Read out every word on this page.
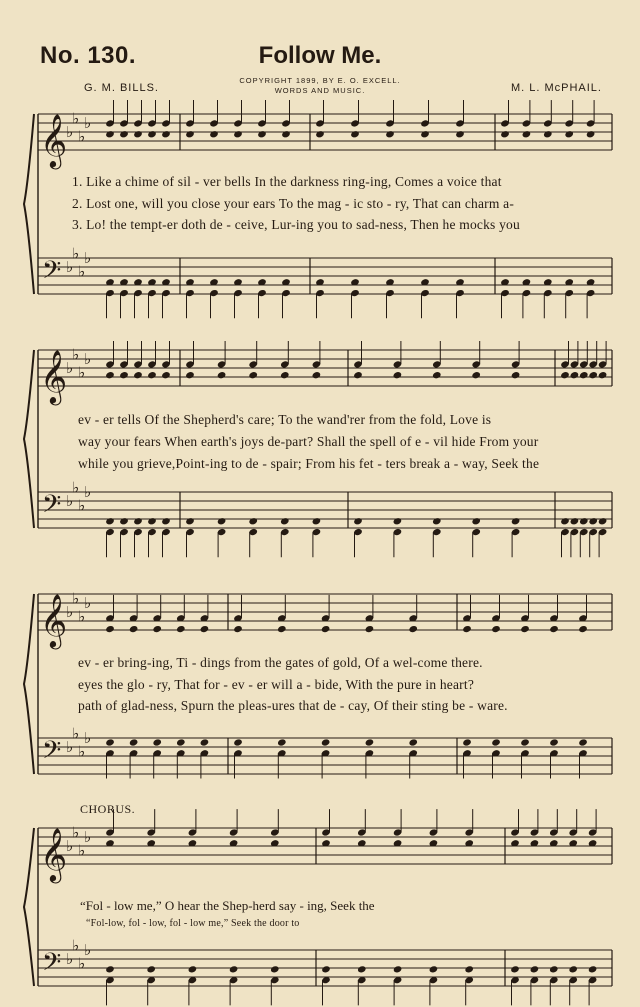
No. 130.	Follow Me.
COPYRIGHT 1899, BY E. O. EXCELL.
WORDS AND MUSIC.
G. M. BILLS.	M. L. McPHAIL.
𝄞
𝄢
♭
♭
♭
♭
♭
♭
♭
♭
𝄞
𝄢
♭
♭
♭
♭
♭
♭
♭
♭
𝄞
𝄢
♭
♭
♭
♭
♭
♭
♭
♭
𝄞
𝄢
♭
♭
♭
♭
♭
♭
♭
♭
1. Like a chime of sil - ver bells In the darkness ring-ing, Comes a voice that
2. Lost one, will you close your ears To the mag - ic sto - ry, That can charm a-
3. Lo! the tempt-er doth de - ceive, Lur-ing you to sad-ness, Then he mocks you
ev - er tells Of the Shepherd's care; To the wand'rer from the fold, Love is
way your fears When earth's joys de-part? Shall the spell of e - vil hide From your
while you grieve,Point-ing to de - spair; From his fet - ters break a - way, Seek the
ev - er bring-ing, Ti - dings from the gates of gold, Of a wel-come there.
eyes the glo - ry, That for - ev - er will a - bide, With the pure in heart?
path of glad-ness, Spurn the pleas-ures that de - cay, Of their sting be - ware.
CHORUS.
“Fol - low me,” O hear the Shep-herd say - ing, Seek the
“Fol-low, fol - low, fol - low me,” Seek the door to
